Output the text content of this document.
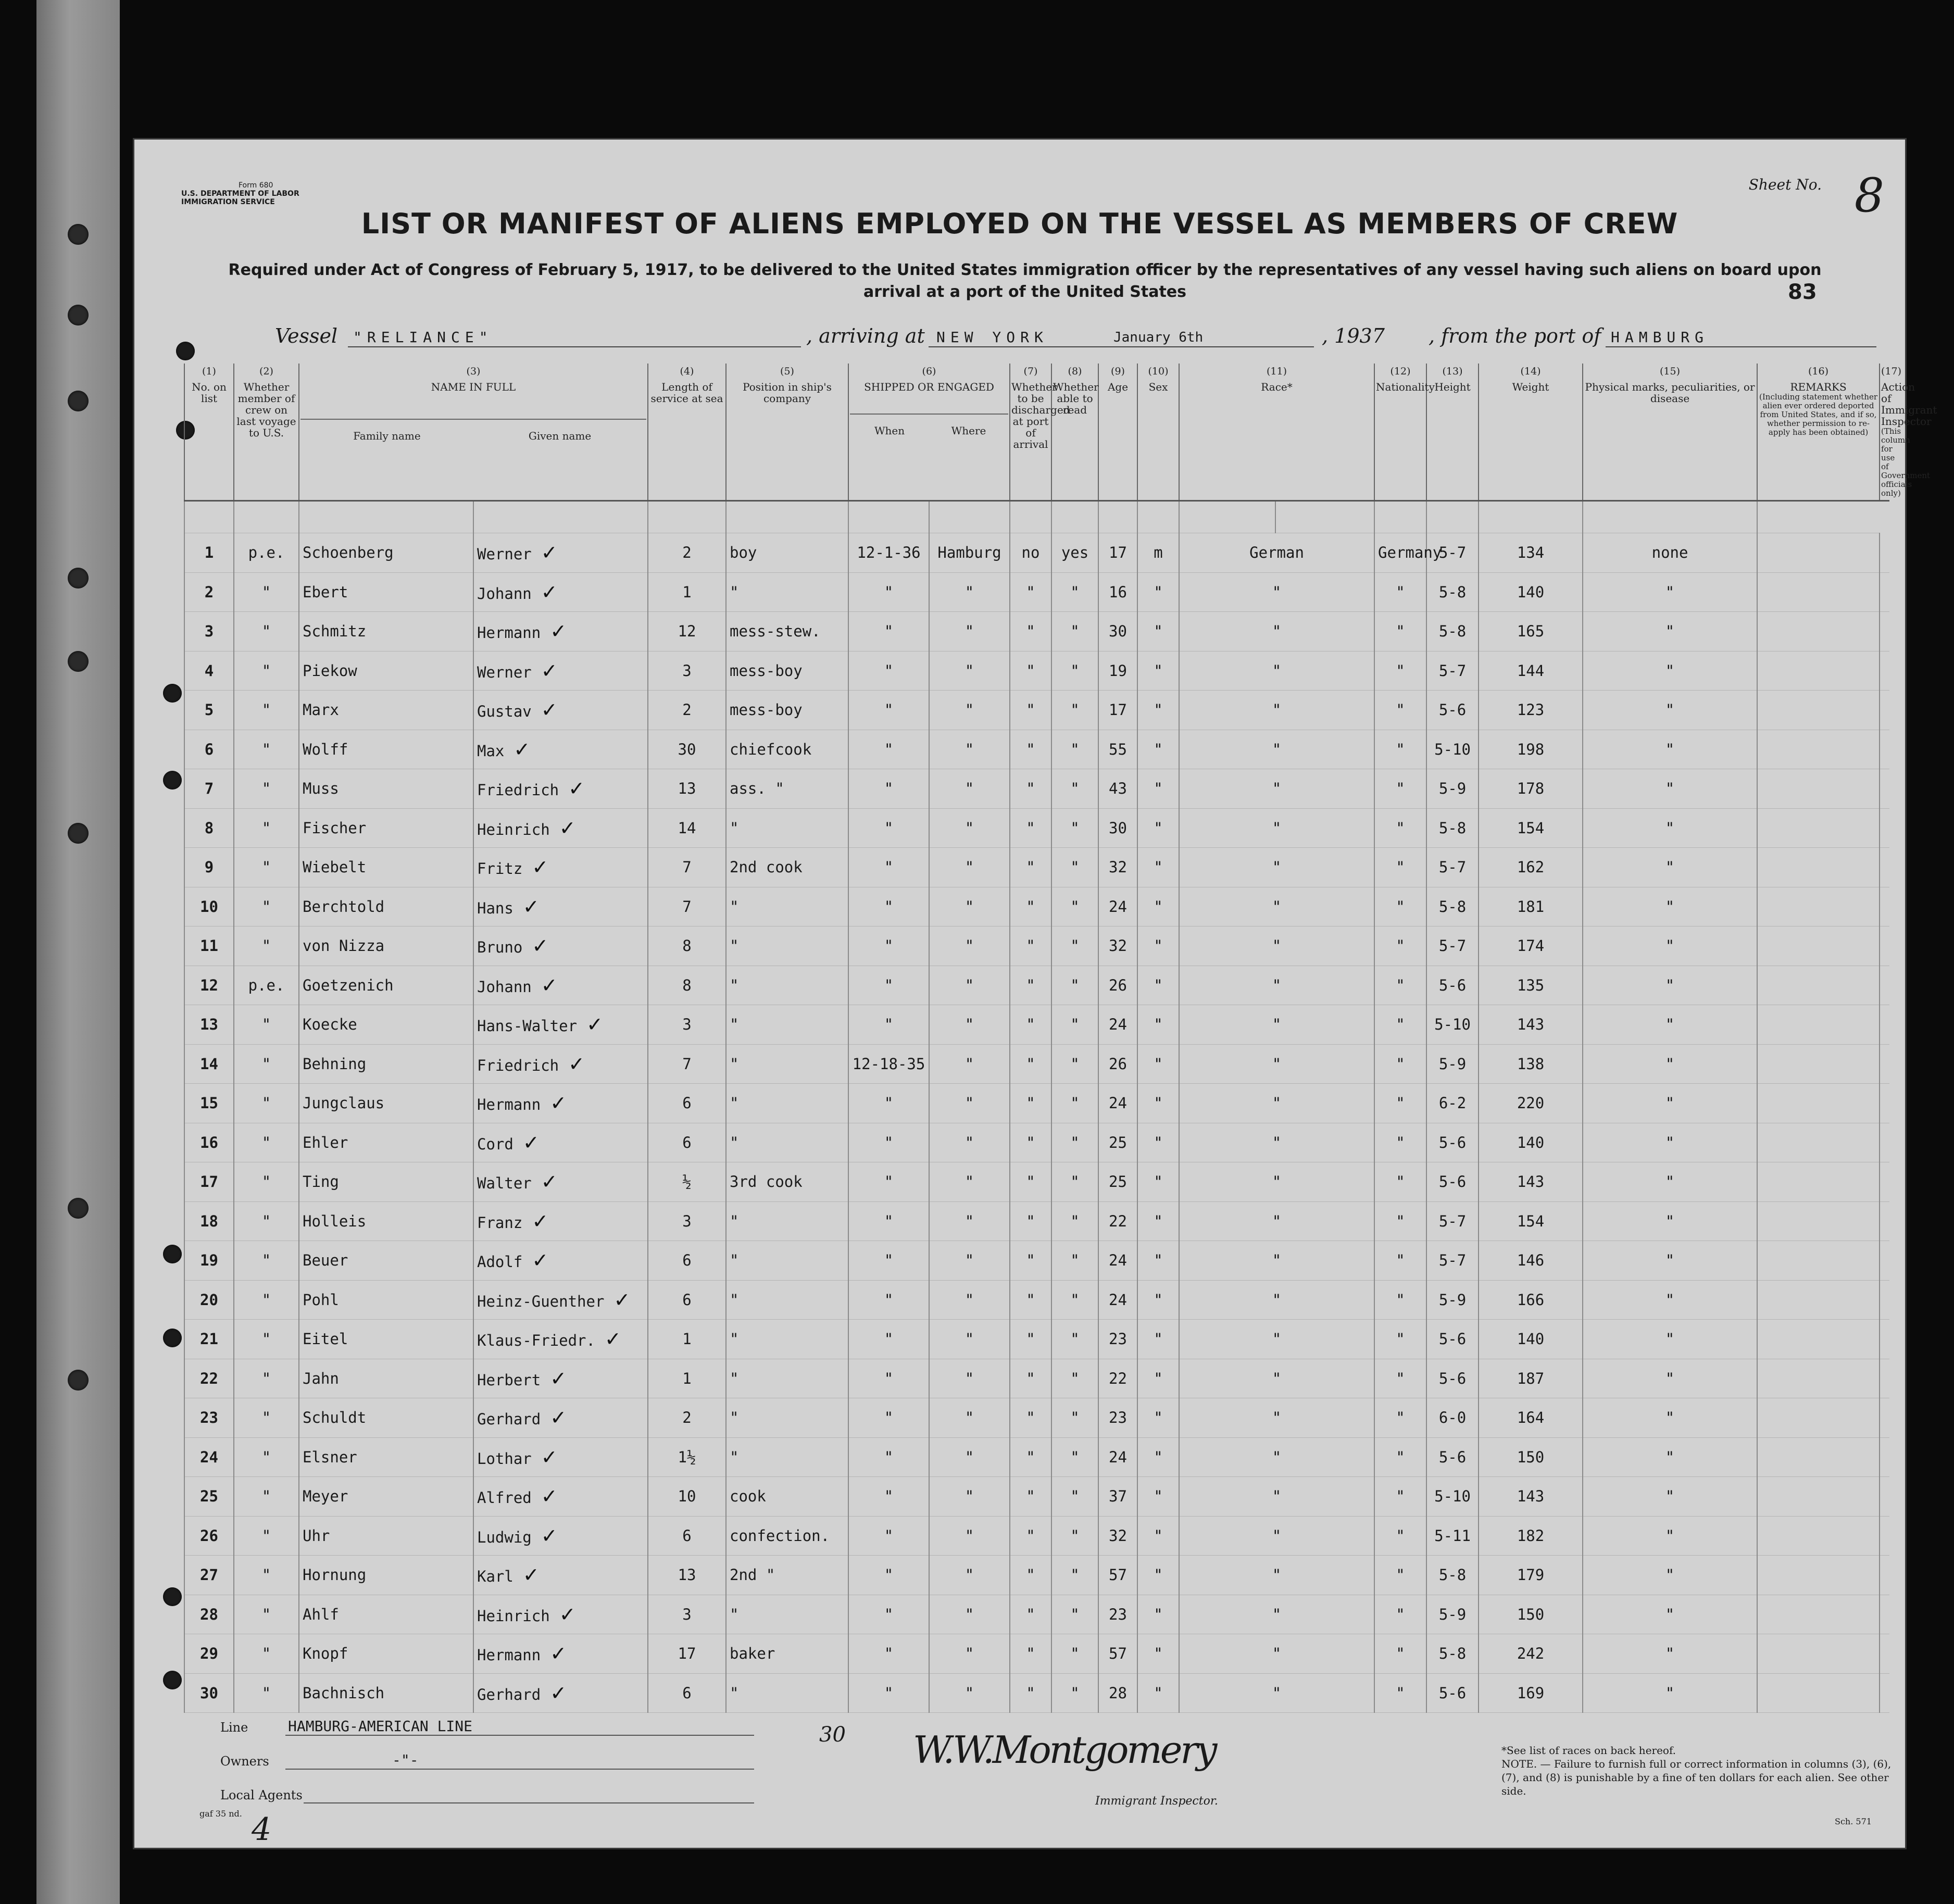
Form 680
U.S. DEPARTMENT OF LABOR
IMMIGRATION SERVICE
Sheet No. 8
LIST OR MANIFEST OF ALIENS EMPLOYED ON THE VESSEL AS MEMBERS OF CREW
Required under Act of Congress of February 5, 1917, to be delivered to the United States immigration officer by the representatives of any vessel having such aliens on board upon arrival at a port of the United States	83
Vessel "RELIANCE"	, arriving at NEW YORK	January 6th	, 1937 , from the port of HAMBURG
(1)
No. on list	(2)
Whether member of crew on last voyage to U.S.	(3)
NAME IN FULL
Family name Given name		(4)
Length of service at sea	(5)
Position in ship's company	(6)
SHIPPED OR ENGAGED
When Where		(7)
Whether to be discharged at port of arrival	(8)
Whether able to read	(9)
Age	(10)
Sex	(11)
Race*		(12)
Nationality	(13)
Height	(14)
Weight	(15)
Physical marks, peculiarities, or disease	(16)
REMARKS
(Including statement whether alien ever ordered deported from United States, and if so, whether permission to re-apply has been obtained)	(17)
Action of Immigrant Inspector
(This column for use of Government officials only)

1	p.e.	Schoenberg	Werner ✓	2	boy	12-1-36	Hamburg	no	yes	17	m	German		Germany	5-7	134	none		
2	"	Ebert	Johann ✓	1	"	"	"	"	"	16	"	"		"	5-8	140	"		
3	"	Schmitz	Hermann ✓	12	mess-stew.	"	"	"	"	30	"	"		"	5-8	165	"		
4	"	Piekow	Werner ✓	3	mess-boy	"	"	"	"	19	"	"		"	5-7	144	"		
5	"	Marx	Gustav ✓	2	mess-boy	"	"	"	"	17	"	"		"	5-6	123	"		
6	"	Wolff	Max ✓	30	chiefcook	"	"	"	"	55	"	"		"	5-10	198	"		
7	"	Muss	Friedrich ✓	13	ass. "	"	"	"	"	43	"	"		"	5-9	178	"		
8	"	Fischer	Heinrich ✓	14	"	"	"	"	"	30	"	"		"	5-8	154	"		
9	"	Wiebelt	Fritz ✓	7	2nd cook	"	"	"	"	32	"	"		"	5-7	162	"		
10	"	Berchtold	Hans ✓	7	"	"	"	"	"	24	"	"		"	5-8	181	"		
11	"	von Nizza	Bruno ✓	8	"	"	"	"	"	32	"	"		"	5-7	174	"		
12	p.e.	Goetzenich	Johann ✓	8	"	"	"	"	"	26	"	"		"	5-6	135	"		
13	"	Koecke	Hans-Walter ✓	3	"	"	"	"	"	24	"	"		"	5-10	143	"		
14	"	Behning	Friedrich ✓	7	"	12-18-35	"	"	"	26	"	"		"	5-9	138	"		
15	"	Jungclaus	Hermann ✓	6	"	"	"	"	"	24	"	"		"	6-2	220	"		
16	"	Ehler	Cord ✓	6	"	"	"	"	"	25	"	"		"	5-6	140	"		
17	"	Ting	Walter ✓	½	3rd cook	"	"	"	"	25	"	"		"	5-6	143	"		
18	"	Holleis	Franz ✓	3	"	"	"	"	"	22	"	"		"	5-7	154	"		
19	"	Beuer	Adolf ✓	6	"	"	"	"	"	24	"	"		"	5-7	146	"		
20	"	Pohl	Heinz-Guenther ✓	6	"	"	"	"	"	24	"	"		"	5-9	166	"		
21	"	Eitel	Klaus-Friedr. ✓	1	"	"	"	"	"	23	"	"		"	5-6	140	"		
22	"	Jahn	Herbert ✓	1	"	"	"	"	"	22	"	"		"	5-6	187	"		
23	"	Schuldt	Gerhard ✓	2	"	"	"	"	"	23	"	"		"	6-0	164	"		
24	"	Elsner	Lothar ✓	1½	"	"	"	"	"	24	"	"		"	5-6	150	"		
25	"	Meyer	Alfred ✓	10	cook	"	"	"	"	37	"	"		"	5-10	143	"		
26	"	Uhr	Ludwig ✓	6	confection.	"	"	"	"	32	"	"		"	5-11	182	"		
27	"	Hornung	Karl ✓	13	2nd "	"	"	"	"	57	"	"		"	5-8	179	"		
28	"	Ahlf	Heinrich ✓	3	"	"	"	"	"	23	"	"		"	5-9	150	"		
29	"	Knopf	Hermann ✓	17	baker	"	"	"	"	57	"	"		"	5-8	242	"		
30	"	Bachnisch	Gerhard ✓	6	"	"	"	"	"	28	"	"		"	5-6	169	"		
Line	HAMBURG-AMERICAN LINE
Owners	-"-
Local Agents
30 W.W.Montgomery
Immigrant Inspector.
*See list of races on back hereof.
NOTE. — Failure to furnish full or correct information in columns (3), (6), (7), and (8) is punishable by a fine of ten dollars for each alien. See other side.
gaf 35 nd.
Sch. 571
4
